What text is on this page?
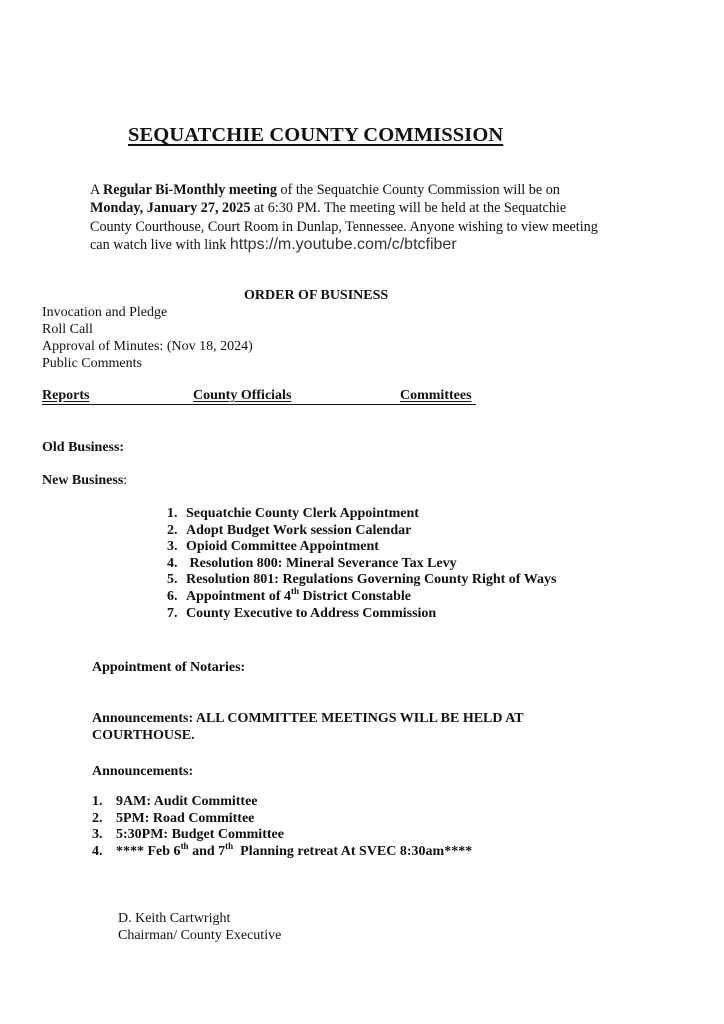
SEQUATCHIE COUNTY COMMISSION
A Regular Bi-Monthly meeting of the Sequatchie County Commission will be on
Monday, January 27, 2025 at 6:30 PM. The meeting will be held at the Sequatchie
County Courthouse, Court Room in Dunlap, Tennessee. Anyone wishing to view meeting
can watch live with link https://m.youtube.com/c/btcfiber
ORDER OF BUSINESS
Invocation and Pledge
Roll Call
Approval of Minutes: (Nov 18, 2024)
Public Comments
Reports	County Officials	Committees
Old Business:
New Business:
1. Sequatchie County Clerk Appointment
2. Adopt Budget Work session Calendar
3. Opioid Committee Appointment
4. Resolution 800: Mineral Severance Tax Levy
5. Resolution 801: Regulations Governing County Right of Ways
6. Appointment of 4th District Constable
7. County Executive to Address Commission
Appointment of Notaries:
Announcements: ALL COMMITTEE MEETINGS WILL BE HELD AT
COURTHOUSE.
Announcements:
1. 9AM: Audit Committee
2. 5PM: Road Committee
3. 5:30PM: Budget Committee
4. **** Feb 6th and 7th  Planning retreat At SVEC 8:30am****
D. Keith Cartwright
Chairman/ County Executive
